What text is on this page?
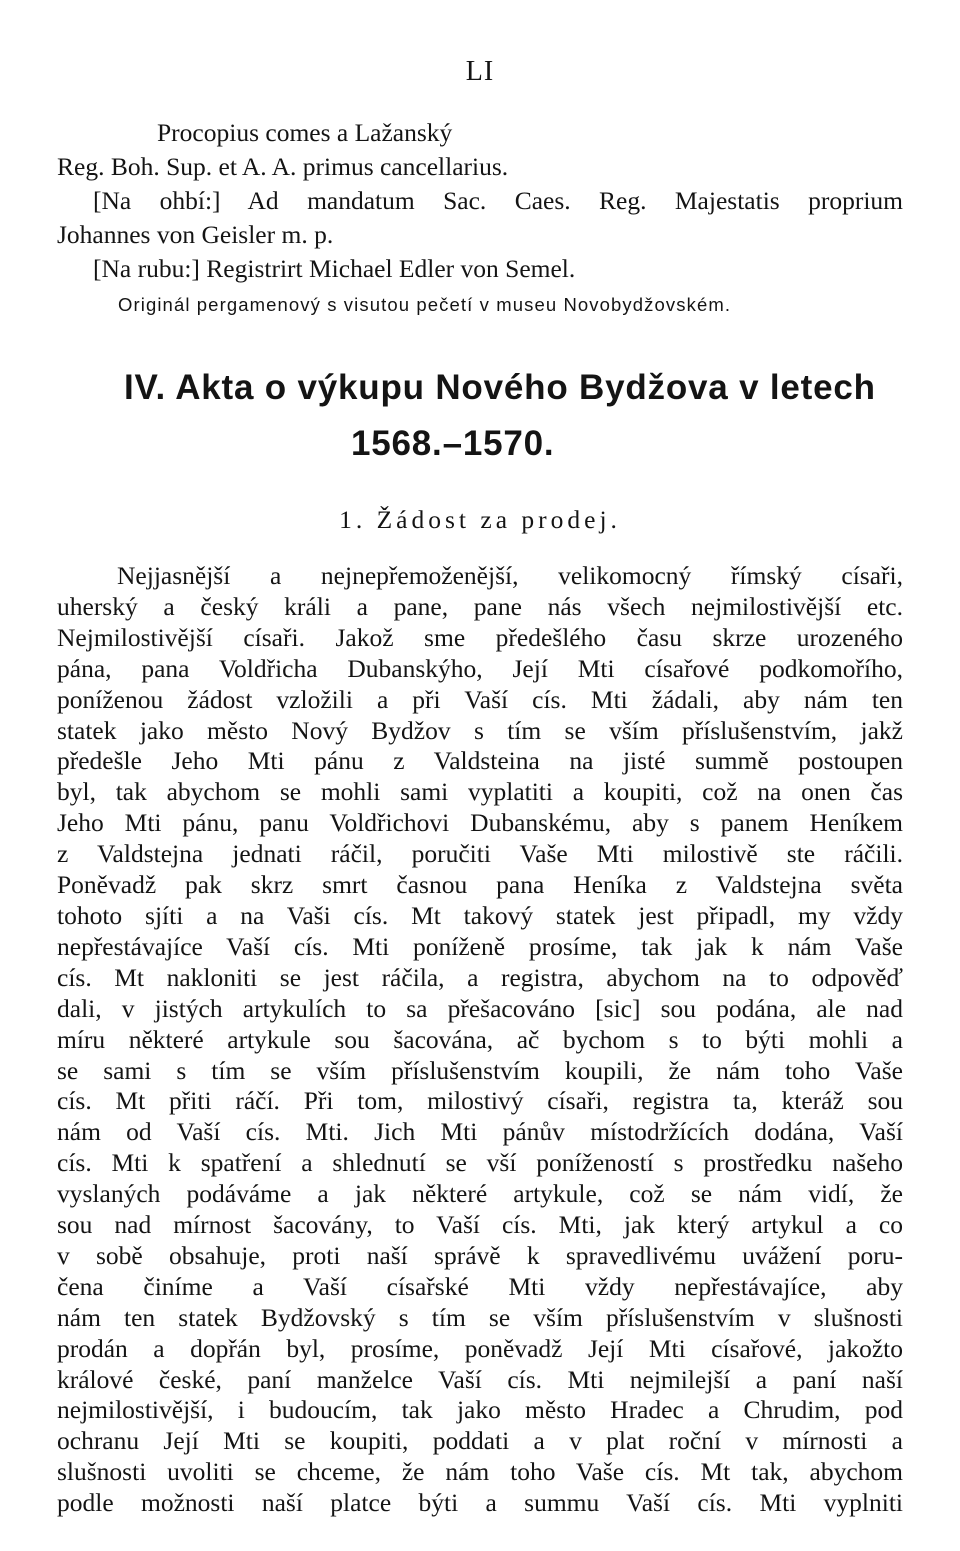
LI
Procopius comes a Lažanský
Reg. Boh. Sup. et A. A. primus cancellarius.
[Na ohbí:] Ad mandatum Sac. Caes. Reg. Majestatis proprium
Johannes von Geisler m. p.
[Na rubu:] Registrirt Michael Edler von Semel.
Originál pergamenový s visutou pečetí v museu Novobydžovském.
IV. Akta o výkupu Nového Bydžova v letech
1568.–1570.
1. Žádost za prodej.
Nejjasnější a nejnepřemoženější, velikomocný římský císaři,
uherský a český králi a pane, pane nás všech nejmilostivější etc.
Nejmilostivější císaři. Jakož sme předešlého času skrze urozeného
pána, pana Voldřicha Dubanskýho, Její Mti císařové podkomořího,
poníženou žádost vzložili a při Vaší cís. Mti žádali, aby nám ten
statek jako město Nový Bydžov s tím se vším příslušenstvím, jakž
předešle Jeho Mti pánu z Valdsteina na jisté summě postoupen
byl, tak abychom se mohli sami vyplatiti a koupiti, což na onen čas
Jeho Mti pánu, panu Voldřichovi Dubanskému, aby s panem Heníkem
z Valdstejna jednati ráčil, poručiti Vaše Mti milostivě ste ráčili.
Poněvadž pak skrz smrt časnou pana Heníka z Valdstejna světa
tohoto sjíti a na Vaši cís. Mt takový statek jest připadl, my vždy
nepřestávajíce Vaší cís. Mti poníženě prosíme, tak jak k nám Vaše
cís. Mt nakloniti se jest ráčila, a registra, abychom na to odpověď
dali, v jistých artykulích to sa přešacováno [sic] sou podána, ale nad
míru některé artykule sou šacována, ač bychom s to býti mohli a
se sami s tím se vším příslušenstvím koupili, že nám toho Vaše
cís. Mt přiti ráčí. Při tom, milostivý císaři, registra ta, kteráž sou
nám od Vaší cís. Mti. Jich Mti pánův místodržících dodána, Vaší
cís. Mti k spatření a shlednutí se vší ponížeností s prostředku našeho
vyslaných podáváme a jak některé artykule, což se nám vidí, že
sou nad mírnost šacovány, to Vaší cís. Mti, jak který artykul a co
v sobě obsahuje, proti naší správě k spravedlivému uvážení poru-
čena činíme a Vaší císařské Mti vždy nepřestávajíce, aby
nám ten statek Bydžovský s tím se vším příslušenstvím v slušnosti
prodán a dopřán byl, prosíme, poněvadž Její Mti císařové, jakožto
králové české, paní manželce Vaší cís. Mti nejmilejší a paní naší
nejmilostivější, i budoucím, tak jako město Hradec a Chrudim, pod
ochranu Její Mti se koupiti, poddati a v plat roční v mírnosti a
slušnosti uvoliti se chceme, že nám toho Vaše cís. Mt tak, abychom
podle možnosti naší platce býti a summu Vaší cís. Mti vyplniti
